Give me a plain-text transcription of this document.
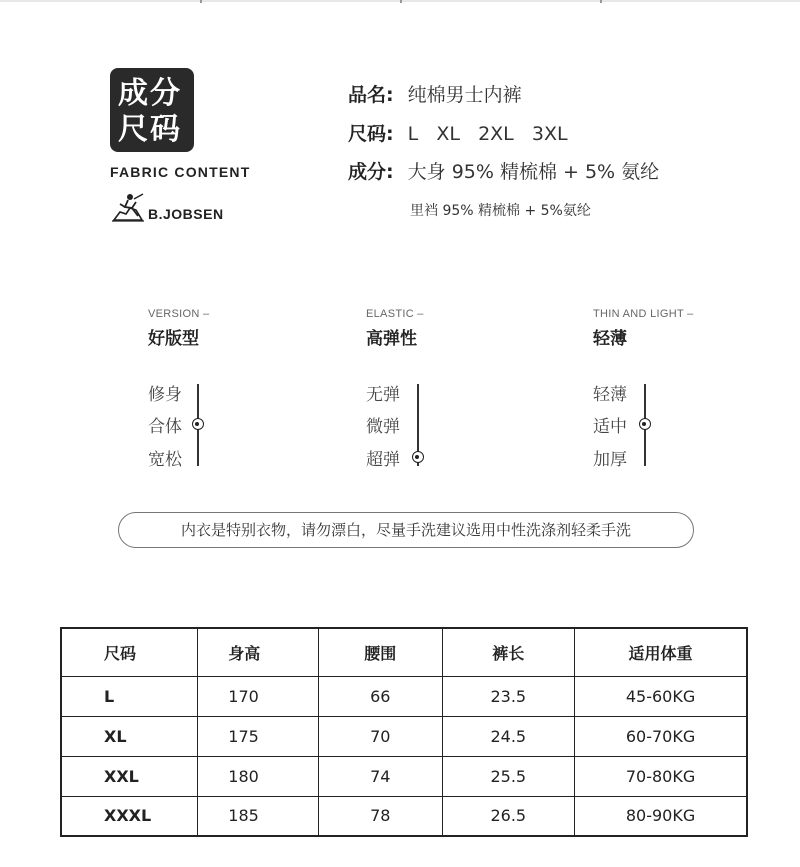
成分
尺码
FABRIC CONTENT
B.JOBSEN
品名: 纯棉男士内裤
尺码: L   XL   2XL   3XL
成分: 大身 95% 精梳棉 + 5% 氨纶
里裆 95% 精梳棉 + 5%氨纶
VERSION –
好版型
ELASTIC –
高弹性
THIN AND LIGHT –
轻薄
修身
合体
宽松
无弹
微弹
超弹
轻薄
适中
加厚
内衣是特别衣物，请勿漂白，尽量手洗建议选用中性洗涤剂轻柔手洗
尺码	身高	腰围	裤长	适用体重
L	170	66	23.5	45-60KG
XL	175	70	24.5	60-70KG
XXL	180	74	25.5	70-80KG
XXXL	185	78	26.5	80-90KG
